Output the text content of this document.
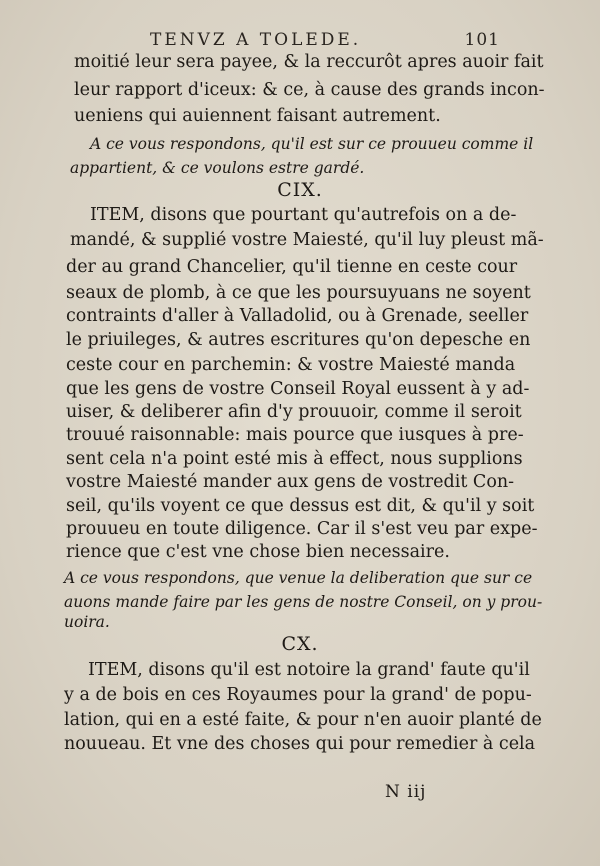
TENVZ A TOLEDE.	101
moitié leur sera payee, & la reccurôt apres auoir fait
leur rapport d'iceux: & ce, à cause des grands incon-
ueniens qui auiennent faisant autrement.
A ce vous respondons, qu'il est sur ce prouueu comme il
appartient, & ce voulons estre gardé.
CIX.
ITEM, disons que pourtant qu'autrefois on a de-
mandé, & supplié vostre Maiesté, qu'il luy pleust mã-
der au grand Chancelier, qu'il tienne en ceste cour
seaux de plomb, à ce que les poursuyuans ne soyent
contraints d'aller à Valladolid, ou à Grenade, seeller
le priuileges, & autres escritures qu'on depesche en
ceste cour en parchemin: & vostre Maiesté manda
que les gens de vostre Conseil Royal eussent à y ad-
uiser, & deliberer afin d'y prouuoir, comme il seroit
trouué raisonnable: mais pource que iusques à pre-
sent cela n'a point esté mis à effect, nous supplions
vostre Maiesté mander aux gens de vostredit Con-
seil, qu'ils voyent ce que dessus est dit, & qu'il y soit
prouueu en toute diligence. Car il s'est veu par expe-
rience que c'est vne chose bien necessaire.
A ce vous respondons, que venue la deliberation que sur ce
auons mande faire par les gens de nostre Conseil, on y prou-
uoira.
CX.
ITEM, disons qu'il est notoire la grand' faute qu'il
y a de bois en ces Royaumes pour la grand' de popu-
lation, qui en a esté faite, & pour n'en auoir planté de
nouueau. Et vne des choses qui pour remedier à cela
N iij
